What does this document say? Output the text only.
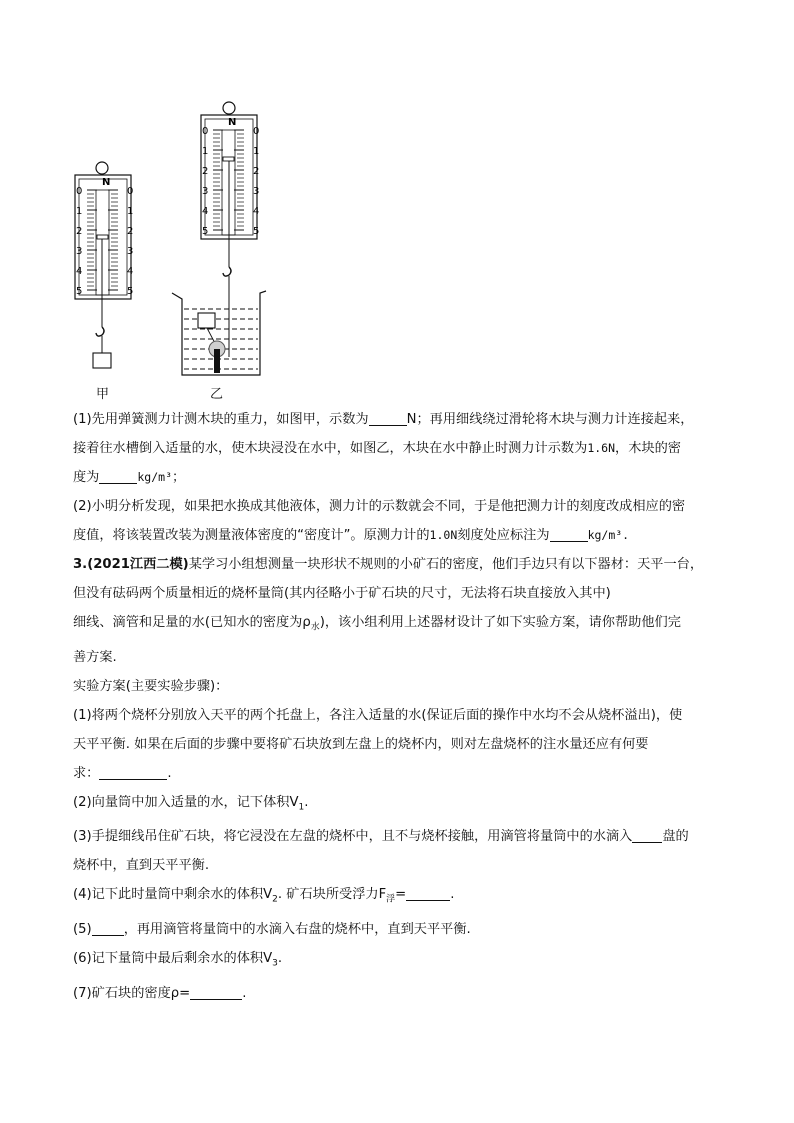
N
0	0
1	1
2	2
3	3
4	4
5	5
甲
N
0	0
1	1
2	2
3	3
4	4
5	5
乙

(1)先用弹簧测力计测木块的重力，如图甲，示数为	N；再用细线绕过滑轮将木块与测力计连接起来，

接着往水槽倒入适量的水，使木块浸没在水中，如图乙，木块在水中静止时测力计示数为1.6N，木块的密

度为	kg/m³；

(2)小明分析发现，如果把水换成其他液体，测力计的示数就会不同，于是他把测力计的刻度改成相应的密

度值，将该装置改装为测量液体密度的“密度计”。原测力计的1.0N刻度处应标注为	kg/m³.

3.(2021江西二模)某学习小组想测量一块形状不规则的小矿石的密度，他们手边只有以下器材：天平一台，

但没有砝码两个质量相近的烧杯量筒(其内径略小于矿石块的尺寸，无法将石块直接放入其中)

细线、滴管和足量的水(已知水的密度为$\rho_水$)，该小组利用上述器材设计了如下实验方案，请你帮助他们完

善方案.

实验方案(主要实验步骤)：

(1)将两个烧杯分别放入天平的两个托盘上，各注入适量的水(保证后面的操作中水均不会从烧杯溢出)，使

天平平衡. 如果在后面的步骤中要将矿石块放到左盘上的烧杯内，则对左盘烧杯的注水量还应有何要

求：	.

(2)向量筒中加入适量的水，记下体积$V_1$.

(3)手提细线吊住矿石块，将它浸没在左盘的烧杯中，且不与烧杯接触，用滴管将量筒中的水滴入 盘的

烧杯中，直到天平平衡.

(4)记下此时量筒中剩余水的体积$V_2$. 矿石块所受浮力$F_浮=$	.

(5) ，再用滴管将量筒中的水滴入右盘的烧杯中，直到天平平衡.

(6)记下量筒中最后剩余水的体积$V_3$.

(7)矿石块的密度ρ=	.
